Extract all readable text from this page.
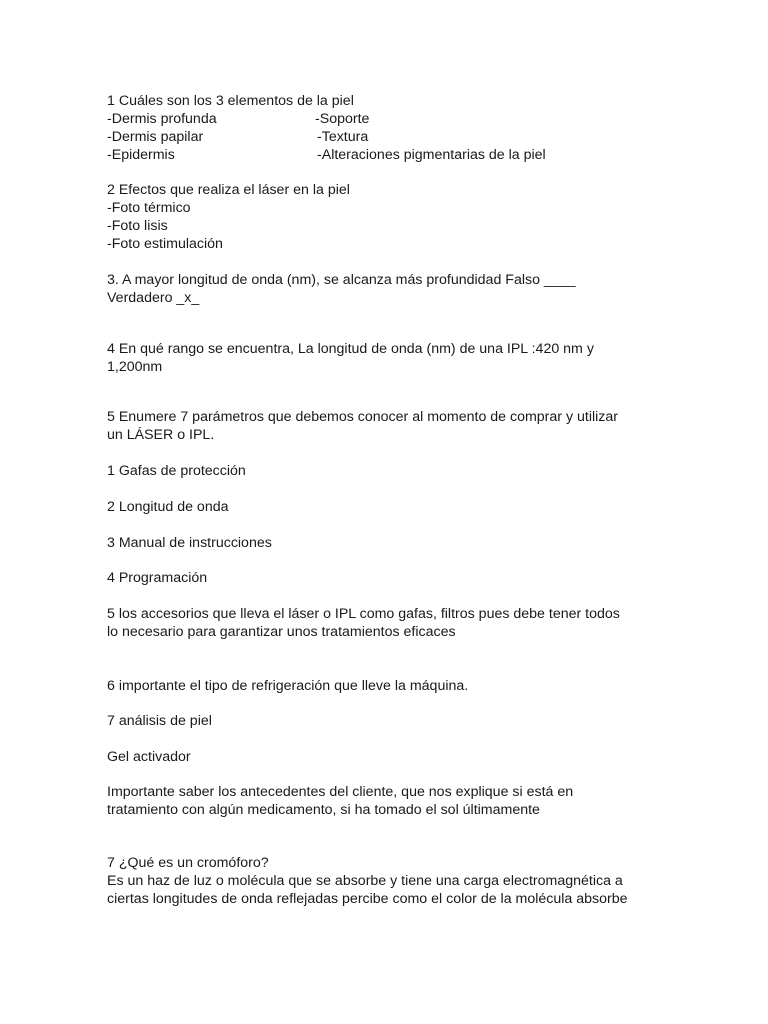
1 Cuáles son los 3 elementos de la piel
-Dermis profunda	-Soporte
-Dermis papilar	-Textura
-Epidermis	-Alteraciones pigmentarias de la piel
2 Efectos que realiza el láser en la piel
-Foto térmico
-Foto lisis
-Foto estimulación
3. A mayor longitud de onda (nm), se alcanza más profundidad Falso ____
Verdadero _x_
4 En qué rango se encuentra, La longitud de onda (nm) de una IPL :420 nm y
1,200nm
5 Enumere 7 parámetros que debemos conocer al momento de comprar y utilizar
un LÁSER o IPL.
1 Gafas de protección
2 Longitud de onda
3 Manual de instrucciones
4 Programación
5 los accesorios que lleva el láser o IPL como gafas, filtros pues debe tener todos
lo necesario para garantizar unos tratamientos eficaces
6 importante el tipo de refrigeración que lleve la máquina.
7 análisis de piel
Gel activador
Importante saber los antecedentes del cliente, que nos explique si está en
tratamiento con algún medicamento, si ha tomado el sol últimamente
7 ¿Qué es un cromóforo?
Es un haz de luz o molécula que se absorbe y tiene una carga electromagnética a
ciertas longitudes de onda reflejadas percibe como el color de la molécula absorbe
